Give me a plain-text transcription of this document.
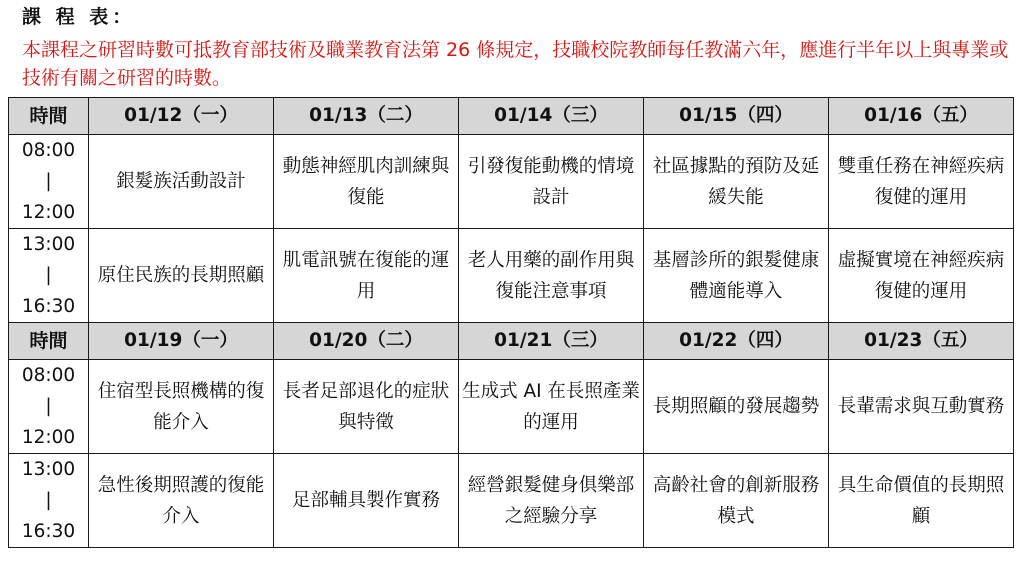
課 程 表：
本課程之研習時數可抵教育部技術及職業教育法第 26 條規定，技職校院教師每任教滿六年，應進行半年以上與專業或技術有關之研習的時數。
時間	01/12（一）	01/13（二）	01/14（三）	01/15（四）	01/16（五）

08:00
|
12:00	銀髮族活動設計	動態神經肌肉訓練與復能	引發復能動機的情境設計	社區據點的預防及延緩失能	雙重任務在神經疾病復健的運用

13:00
|
16:30	原住民族的長期照顧	肌電訊號在復能的運用	老人用藥的副作用與復能注意事項	基層診所的銀髮健康體適能導入	虛擬實境在神經疾病復健的運用
時間	01/19（一）	01/20（二）	01/21（三）	01/22（四）	01/23（五）

08:00
|
12:00	住宿型長照機構的復能介入	長者足部退化的症狀與特徵	生成式 AI 在長照產業的運用	長期照顧的發展趨勢	長輩需求與互動實務

13:00
|
16:30	急性後期照護的復能介入	足部輔具製作實務	經營銀髮健身俱樂部之經驗分享	高齡社會的創新服務模式	具生命價值的長期照顧
